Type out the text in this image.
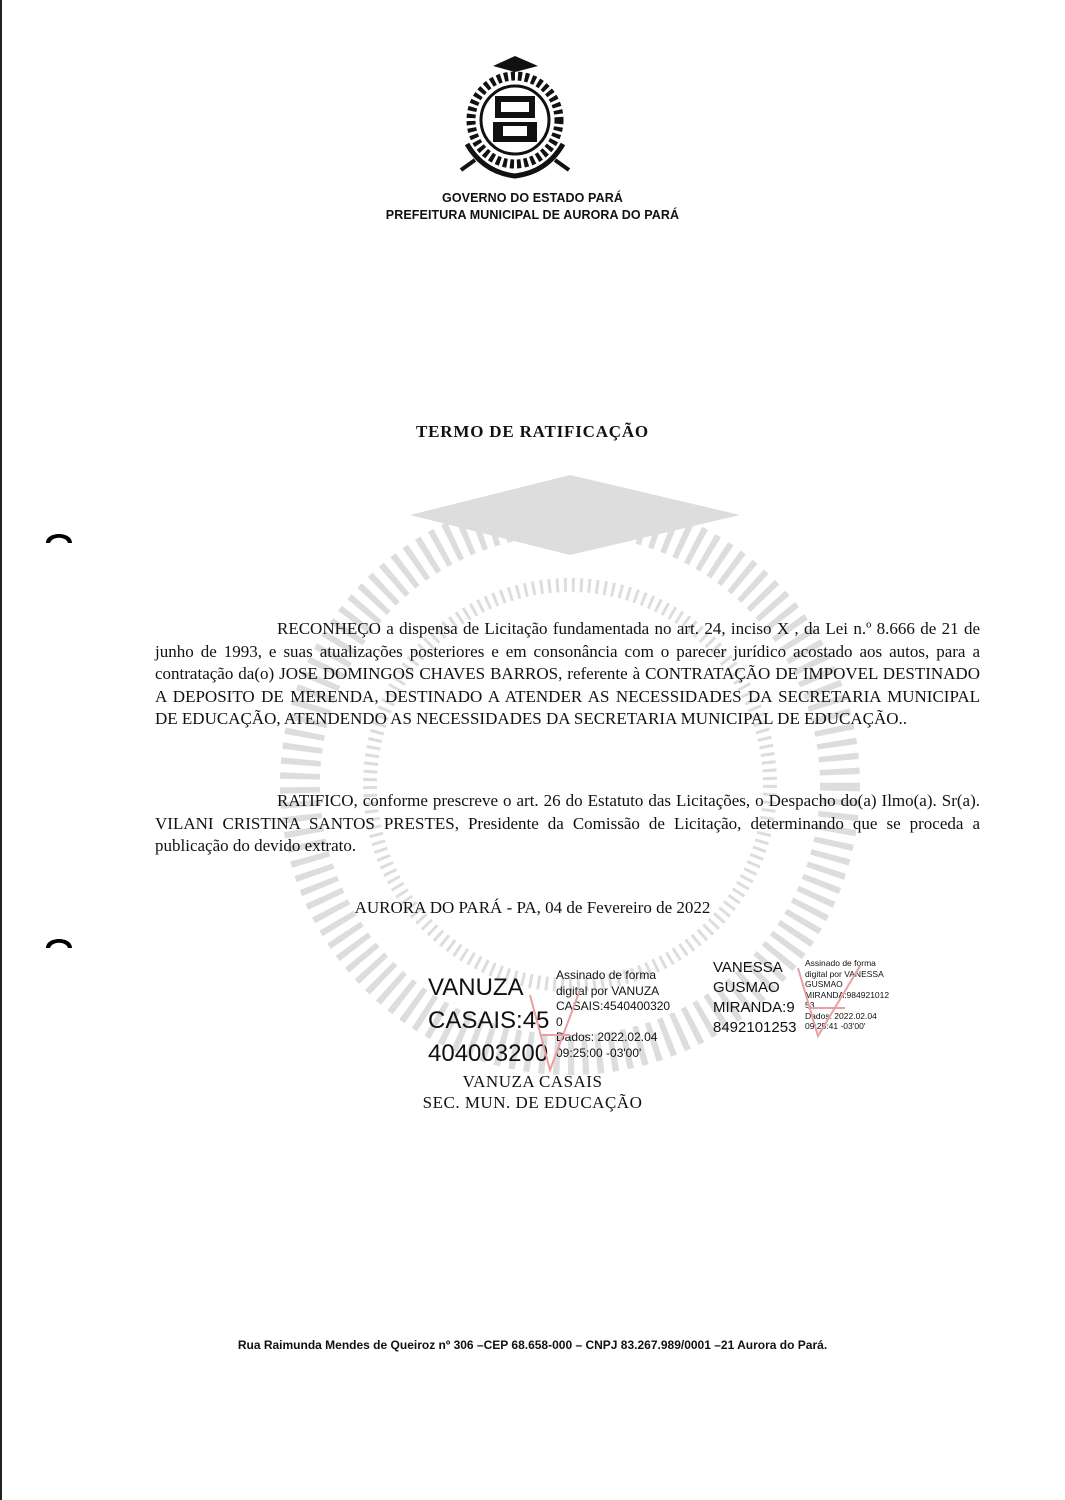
GOVERNO DO ESTADO PARÁ
PREFEITURA MUNICIPAL DE AURORA DO PARÁ
TERMO DE RATIFICAÇÃO

RECONHEÇO a dispensa de Licitação fundamentada no art. 24, inciso X , da Lei n.º 8.666 de 21 de junho de 1993, e suas atualizações posteriores e em consonância com o parecer jurídico acostado aos autos, para a contratação da(o) JOSE DOMINGOS CHAVES BARROS, referente à CONTRATAÇÃO DE IMPOVEL DESTINADO A DEPOSITO DE MERENDA, DESTINADO A ATENDER AS NECESSIDADES DA SECRETARIA MUNICIPAL DE EDUCAÇÃO, ATENDENDO AS NECESSIDADES DA SECRETARIA MUNICIPAL DE EDUCAÇÃO..

RATIFICO, conforme prescreve o art. 26 do Estatuto das Licitações, o Despacho do(a) Ilmo(a). Sr(a). VILANI CRISTINA SANTOS PRESTES, Presidente da Comissão de Licitação, determinando que se proceda a publicação do devido extrato.

AURORA DO PARÁ - PA, 04 de Fevereiro de 2022
VANUZA
CASAIS:45
404003200
Assinado de forma
digital por VANUZA
CASAIS:4540400320
0
Dados: 2022.02.04
09:25:00 -03'00'
VANESSA
GUSMAO
MIRANDA:9
8492101253
Assinado de forma
digital por VANESSA
GUSMAO
MIRANDA:984921012
53
Dados: 2022.02.04
09:25:41 -03'00'
VANUZA CASAIS
SEC. MUN. DE EDUCAÇÃO
Rua Raimunda Mendes de Queiroz nº 306 –CEP 68.658-000 – CNPJ 83.267.989/0001 –21 Aurora do Pará.
